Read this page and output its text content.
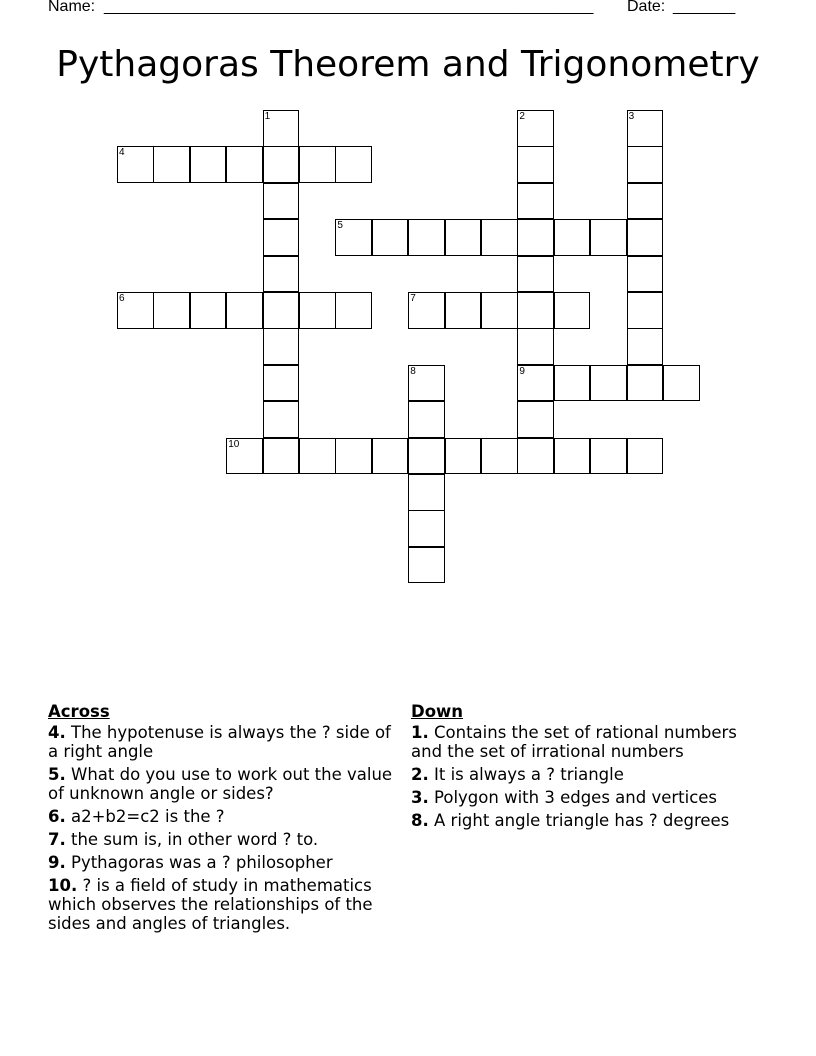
Name: _______________________________________________________ Date: _______
Pythagoras Theorem and Trigonometry
4
5
6	7
9
10
1	2	3
8
Across
4. The hypotenuse is always the ? side of a right angle
5. What do you use to work out the value of unknown angle or sides?
6. a2+b2=c2 is the ?
7. the sum is, in other word ? to.
9. Pythagoras was a ? philosopher
10. ? is a field of study in mathematics which observes the relationships of the sides and angles of triangles.
Down
1. Contains the set of rational numbers and the set of irrational numbers
2. It is always a ? triangle
3. Polygon with 3 edges and vertices
8. A right angle triangle has ? degrees
